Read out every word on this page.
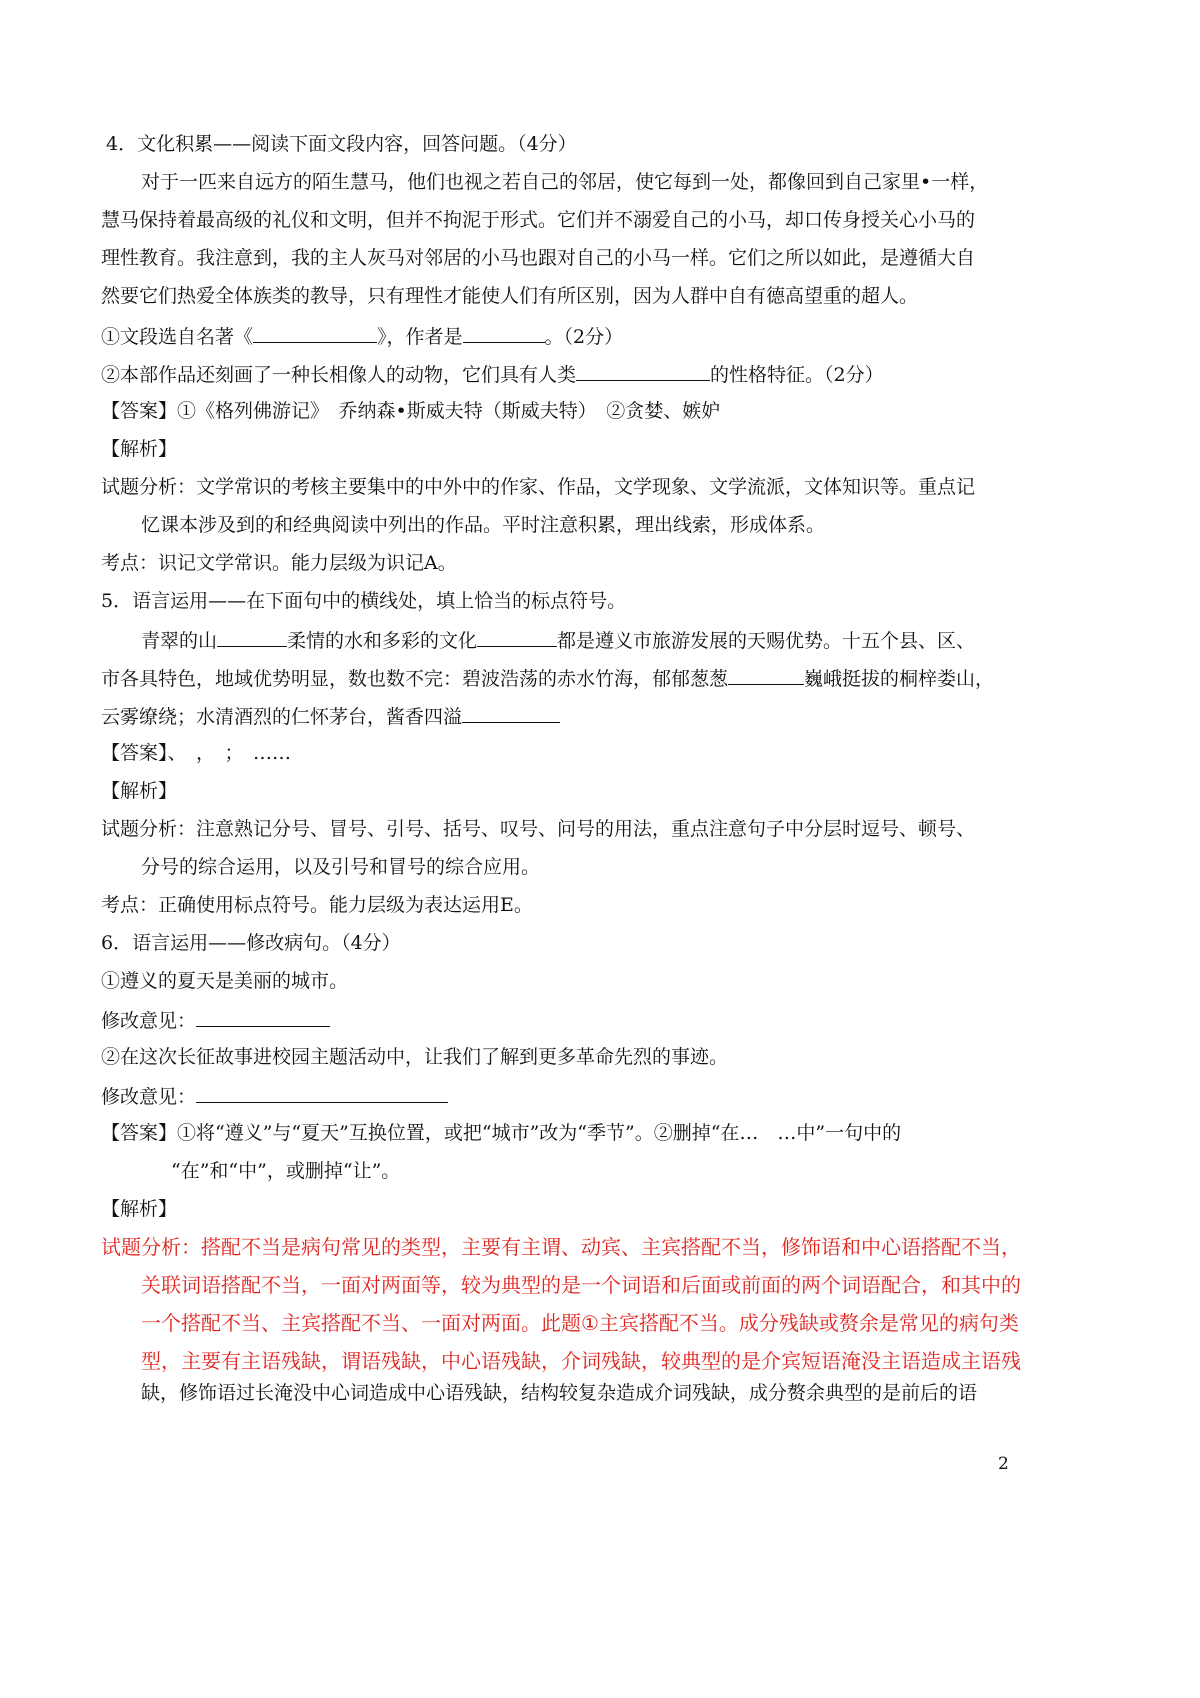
4．文化积累——阅读下面文段内容，回答问题。（4分）
对于一匹来自远方的陌生慧马，他们也视之若自己的邻居，使它每到一处，都像回到自己家里•一样，
慧马保持着最高级的礼仪和文明，但并不拘泥于形式。它们并不溺爱自己的小马，却口传身授关心小马的
理性教育。我注意到，我的主人灰马对邻居的小马也跟对自己的小马一样。它们之所以如此，是遵循大自
然要它们热爱全体族类的教导，只有理性才能使人们有所区别，因为人群中自有德高望重的超人。
①文段选自名著《	》，作者是	。（2分）
②本部作品还刻画了一种长相像人的动物，它们具有人类	的性格特征。（2分）
【答案】①《格列佛游记》　乔纳森•斯威夫特（斯威夫特）　②贪婪、嫉妒
【解析】
试题分析：文学常识的考核主要集中的中外中的作家、作品，文学现象、文学流派，文体知识等。重点记
忆课本涉及到的和经典阅读中列出的作品。平时注意积累，理出线索，形成体系。
考点：识记文学常识。能力层级为识记A。
5．语言运用——在下面句中的横线处，填上恰当的标点符号。
青翠的山	柔情的水和多彩的文化	都是遵义市旅游发展的天赐优势。十五个县、区、
市各具特色，地域优势明显，数也数不完：碧波浩荡的赤水竹海，郁郁葱葱	巍峨挺拔的桐梓娄山，
云雾缭绕；水清酒烈的仁怀茅台，酱香四溢
【答案】、　，　；　……
【解析】
试题分析：注意熟记分号、冒号、引号、括号、叹号、问号的用法，重点注意句子中分层时逗号、顿号、
分号的综合运用，以及引号和冒号的综合应用。
考点：正确使用标点符号。能力层级为表达运用E。
6．语言运用——修改病句。（4分）
①遵义的夏天是美丽的城市。
修改意见：
②在这次长征故事进校园主题活动中，让我们了解到更多革命先烈的事迹。
修改意见：
【答案】①将“遵义”与“夏天”互换位置，或把“城市”改为“季节”。②删掉“在…　…中”一句中的
“在”和“中”，或删掉“让”。
【解析】
试题分析：搭配不当是病句常见的类型，主要有主谓、动宾、主宾搭配不当，修饰语和中心语搭配不当，
关联词语搭配不当，一面对两面等，较为典型的是一个词语和后面或前面的两个词语配合，和其中的
一个搭配不当、主宾搭配不当、一面对两面。此题①主宾搭配不当。成分残缺或赘余是常见的病句类
型，主要有主语残缺，谓语残缺，中心语残缺，介词残缺，较典型的是介宾短语淹没主语造成主语残
缺，修饰语过长淹没中心词造成中心语残缺，结构较复杂造成介词残缺，成分赘余典型的是前后的语
2
